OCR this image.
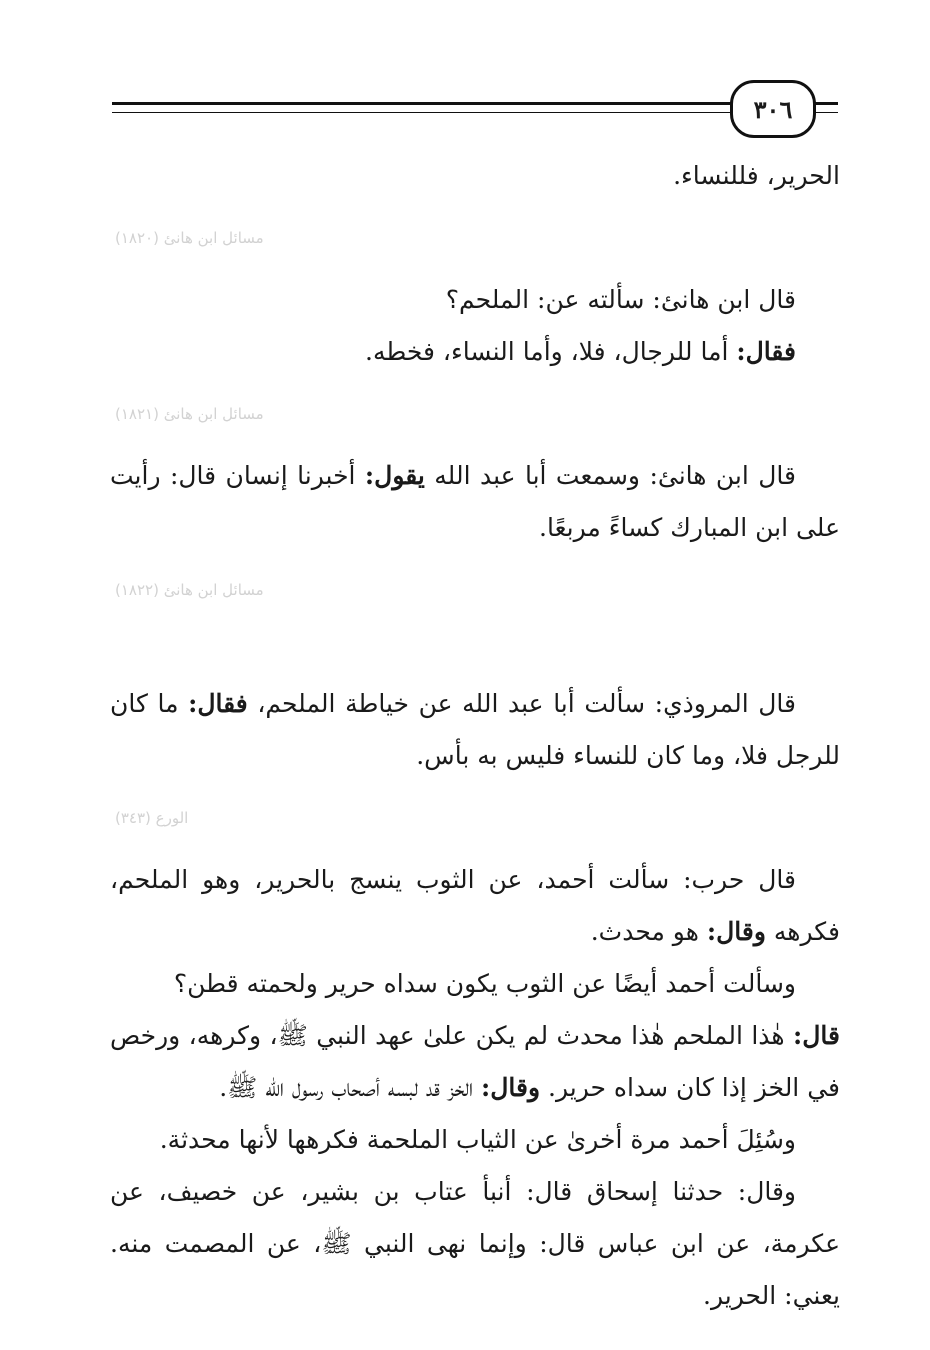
٣٠٦

الحرير، فللنساء.

مسائل ابن هانئ (١٨٢٠)

قال ابن هانئ: سألته عن: الملحم؟

فقال: أما للرجال، فلا، وأما النساء، فخطه.

مسائل ابن هانئ (١٨٢١)

قال ابن هانئ: وسمعت أبا عبد الله يقول: أخبرنا إنسان قال: رأيت على ابن المبارك كساءً مربعًا.

مسائل ابن هانئ (١٨٢٢)

قال المروذي: سألت أبا عبد الله عن خياطة الملحم، فقال: ما كان للرجل فلا، وما كان للنساء فليس به بأس.

الورع (٣٤٣)

قال حرب: سألت أحمد، عن الثوب ينسج بالحرير، وهو الملحم، فكرهه وقال: هو محدث.

وسألت أحمد أيضًا عن الثوب يكون سداه حرير ولحمته قطن؟

قال: هٰذا الملحم هٰذا محدث لم يكن علىٰ عهد النبي ﷺ، وكرهه، ورخص في الخز إذا كان سداه حرير. وقال: الخز قد لبسه أصحاب رسول الله ﷺ.

وسُئِلَ أحمد مرة أخرىٰ عن الثياب الملحمة فكرهها لأنها محدثة.

وقال: حدثنا إسحاق قال: أنبأ عتاب بن بشير، عن خصيف، عن عكرمة، عن ابن عباس قال: وإنما نهى النبي ﷺ، عن المصمت منه. يعني: الحرير.
